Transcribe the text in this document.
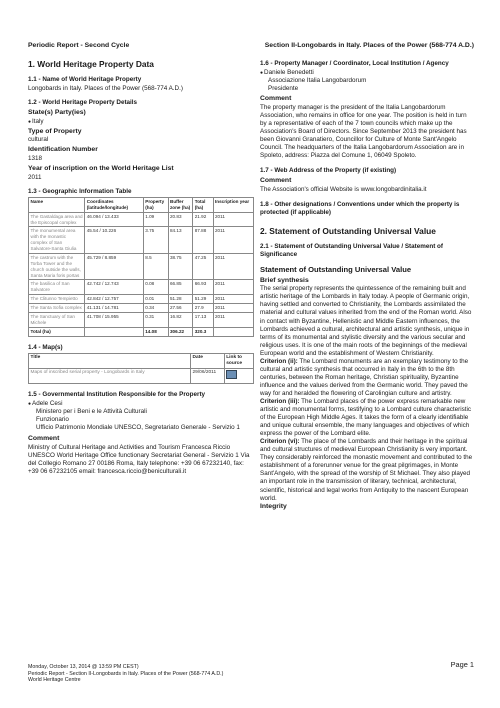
Periodic Report - Second Cycle	Section II-Longobards in Italy. Places of the Power (568-774 A.D.)
1. World Heritage Property Data
1.1 - Name of World Heritage Property

Longobards in Italy. Places of the Power (568-774 A.D.)

1.2 - World Heritage Property Details
State(s) Party(ies)

● Italy

Type of Property

cultural

Identification Number

1318

Year of inscription on the World Heritage List

2011

1.3 - Geographic Information Table
Name	Coordinates (latitude/longitude)	Property (ha)	Buffer zone (ha)	Total (ha)	Inscription year
The Gastaldaga area and the Episcopal complex	46.094 / 13.433	1.09	20.83	21.92	2011
The monumental area with the monastic complex of San Salvatore-Santa Giulia	45.54 / 10.226	3.75	84.13	87.88	2011
The castrum with the Torba Tower and the church outside the walls, Santa Maria foris portas	45.729 / 8.859	8.5	38.75	47.25	2011
The basilica of San Salvatore	42.742 / 12.743	0.08	66.85	66.93	2011
The Clitunno Tempietto	42.842 / 12.757	0.01	51.28	51.29	2011
The Santa Sofia complex	41.131 / 14.781	0.34	27.56	27.9	2011
The Sanctuary of San Michele	41.708 / 15.955	0.31	16.82	17.13	2011
Total (ha)		14.08	306.22	320.3	
1.4 - Map(s)
Title	Date	Link to source
Maps of inscribed serial property - Longobards in Italy	29/06/2011	
1.5 - Governmental Institution Responsible for the Property

● Adele Cesi

Ministero per i Beni e le Attività Culturali

Funzionario

Ufficio Patrimonio Mondiale UNESCO, Segretariato Generale - Servizio 1

Comment

Ministry of Cultural Heritage and Activities and Tourism Francesca Riccio UNESCO World Heritage Office functionary Secretariat General - Servizio 1 Via del Collegio Romano 27 00186 Roma, Italy telephone: +39 06 67232140, fax: +39 06 67232105 email: francesca.riccio@beniculturali.it

1.6 - Property Manager / Coordinator, Local Institution / Agency

● Daniele Benedetti

Associazione Italia Langobardorum

Presidente

Comment

The property manager is the president of the Italia Langobardorum Association, who remains in office for one year. The position is held in turn by a representative of each of the 7 town councils which make up the Association's Board of Directors. Since September 2013 the president has been Giovanni Granatiero, Councillor for Culture of Monte Sant'Angelo Council. The headquarters of the Italia Langobardorum Association are in Spoleto, address: Piazza del Comune 1, 06049 Spoleto.

1.7 - Web Address of the Property (if existing)
Comment

The Association's official Website is www.longobardinitalia.it

1.8 - Other designations / Conventions under which the property is protected (if applicable)
2. Statement of Outstanding Universal Value
2.1 - Statement of Outstanding Universal Value / Statement of Significance
Statement of Outstanding Universal Value
Brief synthesis

The serial property represents the quintessence of the remaining built and artistic heritage of the Lombards in Italy today. A people of Germanic origin, having settled and converted to Christianity, the Lombards assimilated the material and cultural values inherited from the end of the Roman world. Also in contact with Byzantine, Hellenistic and Middle Eastern influences, the Lombards achieved a cultural, architectural and artistic synthesis, unique in terms of its monumental and stylistic diversity and the various secular and religious uses. It is one of the main roots of the beginnings of the medieval European world and the establishment of Western Christianity.

Criterion (ii): The Lombard monuments are an exemplary testimony to the cultural and artistic synthesis that occurred in Italy in the 6th to the 8th centuries, between the Roman heritage, Christian spirituality, Byzantine influence and the values derived from the Germanic world. They paved the way for and heralded the flowering of Carolingian culture and artistry.

Criterion (iii): The Lombard places of the power express remarkable new artistic and monumental forms, testifying to a Lombard culture characteristic of the European High Middle Ages. It takes the form of a clearly identifiable and unique cultural ensemble, the many languages and objectives of which express the power of the Lombard elite.

Criterion (vi): The place of the Lombards and their heritage in the spiritual and cultural structures of medieval European Christianity is very important. They considerably reinforced the monastic movement and contributed to the establishment of a forerunner venue for the great pilgrimages, in Monte Sant'Angelo, with the spread of the worship of St Michael. They also played an important role in the transmission of literary, technical, architectural, scientific, historical and legal works from Antiquity to the nascent European world.

Integrity
Monday, October 13, 2014 @ 13:59 PM CEST)
Periodic Report - Section II-Longobards in Italy. Places of the Power (568-774 A.D.)
World Heritage Centre
Page 1
